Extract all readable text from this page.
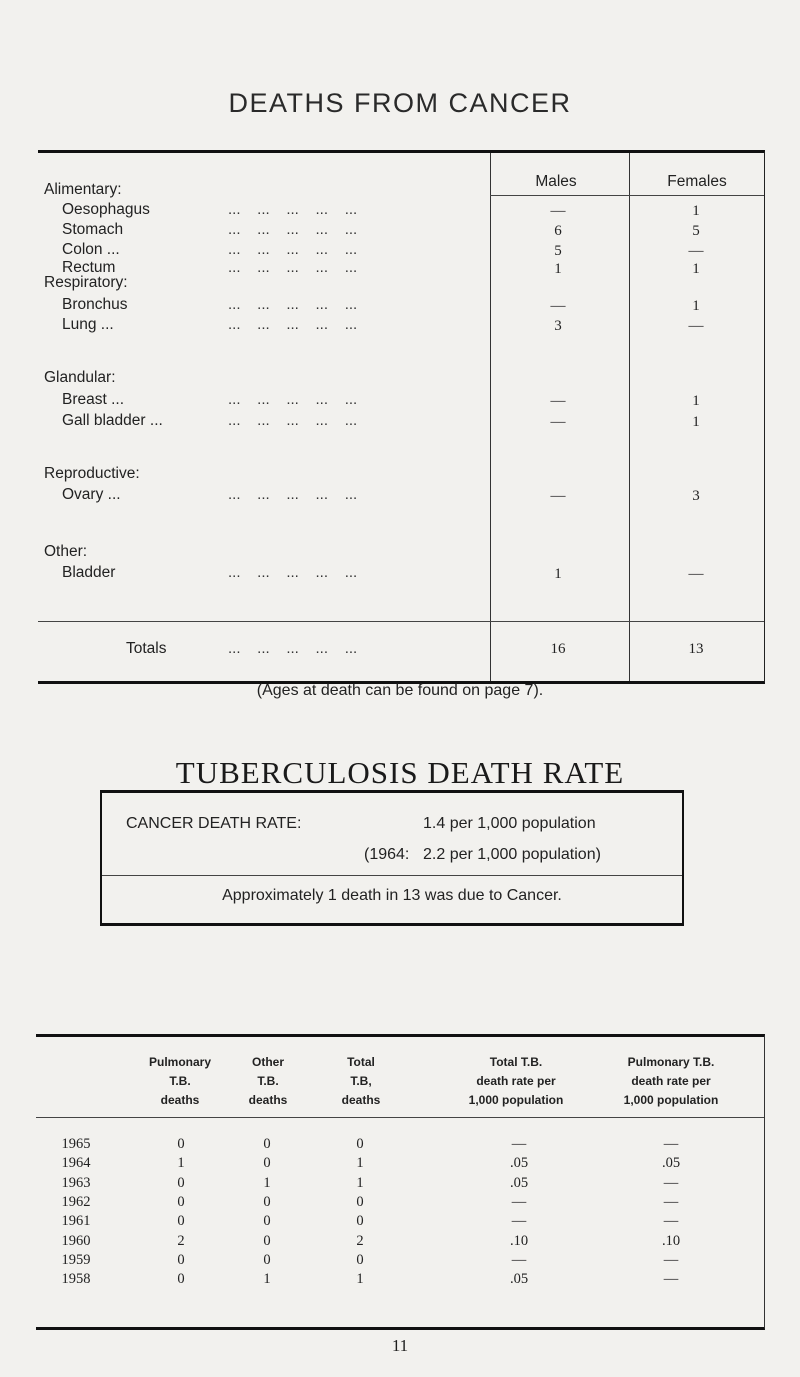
DEATHS FROM CANCER
Males	Females
Alimentary:
Oesophagus	...    ...    ...    ...    ...	—	1
Stomach	...    ...    ...    ...    ...	6	5
Colon ...	...    ...    ...    ...    ...	5	—
Rectum	...    ...    ...    ...    ...	1	1
Respiratory:
Bronchus	...    ...    ...    ...    ...	—	1
Lung ...	...    ...    ...    ...    ...	3	—
Glandular:
Breast ...	...    ...    ...    ...    ...	—	1
Gall bladder ...	...    ...    ...    ...    ...	—	1
Reproductive:
Ovary ...	...    ...    ...    ...    ...	—	3
Other:
Bladder	...    ...    ...    ...    ...	1	—
Totals	...    ...    ...    ...    ...	16	13
(Ages at death can be found on page 7).
CANCER DEATH RATE:	1.4 per 1,000 population
(1964: 2.2 per 1,000 population)
Approximately 1 death in 13 was due to Cancer.
TUBERCULOSIS DEATH RATE
Pulmonary
T.B.
deaths
Other
T.B.
deaths
Total
T.B,
deaths
Total T.B.
death rate per
1,000 population
Pulmonary T.B.
death rate per
1,000 population
1965	0	0	0	—	—
1964	1	0	1	.05	.05
1963	0	1	1	.05	—
1962	0	0	0	—	—
1961	0	0	0	—	—
1960	2	0	2	.10	.10
1959	0	0	0	—	—
1958	0	1	1	.05	—
11
